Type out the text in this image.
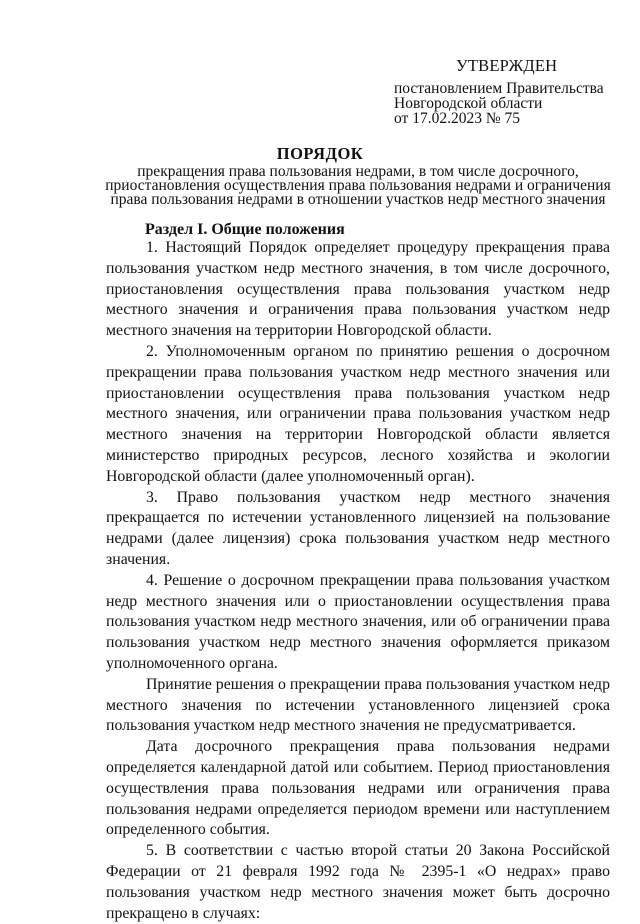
УТВЕРЖДЕН
постановлением Правительства
Новгородской области
от 17.02.2023 № 75
ПОРЯДОК
прекращения права пользования недрами, в том числе досрочного,
приостановления осуществления права пользования недрами и ограничения
права пользования недрами в отношении участков недр местного значения
Раздел I. Общие положения

1. Настоящий Порядок определяет процедуру прекращения права пользования участком недр местного значения, в том числе досрочного, приостановления осуществления права пользования участком недр местного значения и ограничения права пользования участком недр местного значения на территории Новгородской области.

2. Уполномоченным органом по принятию решения о досрочном прекращении права пользования участком недр местного значения или приостановлении осуществления права пользования участком недр местного значения, или ограничении права пользования участком недр местного значения на территории Новгородской области является министерство природных ресурсов, лесного хозяйства и экологии Новгородской области (далее уполномоченный орган).

3. Право пользования участком недр местного значения прекращается по истечении установленного лицензией на пользование недрами (далее лицензия) срока пользования участком недр местного значения.

4. Решение о досрочном прекращении права пользования участком недр местного значения или о приостановлении осуществления права пользования участком недр местного значения, или об ограничении права пользования участком недр местного значения оформляется приказом уполномоченного органа.

Принятие решения о прекращении права пользования участком недр местного значения по истечении установленного лицензией срока пользования участком недр местного значения не предусматривается.

Дата досрочного прекращения права пользования недрами определяется календарной датой или событием. Период приостановления осуществления права пользования недрами или ограничения права пользования недрами определяется периодом времени или наступлением определенного события.

5. В соответствии с частью второй статьи 20 Закона Российской Федерации от 21 февраля 1992 года № 2395-1 «О недрах» право пользования участком недр местного значения может быть досрочно прекращено в случаях:
